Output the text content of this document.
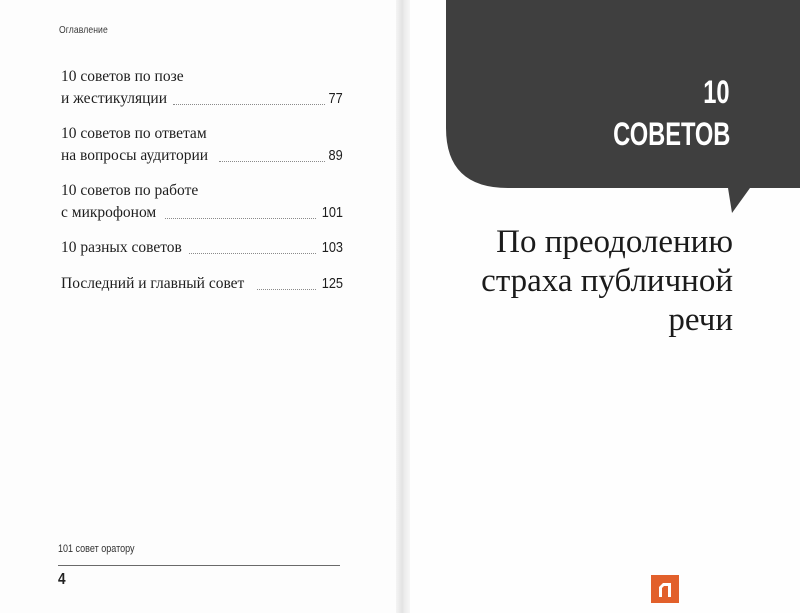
Оглавление
10 советов по позе
и жестикуляции	77
10 советов по ответам
на вопросы аудитории	89
10 советов по работе
с микрофоном	101
10 разных советов	103
Последний и главный совет	125
101 совет оратору
4
10
СОВЕТОВ
По преодолению
страха публичной
речи
